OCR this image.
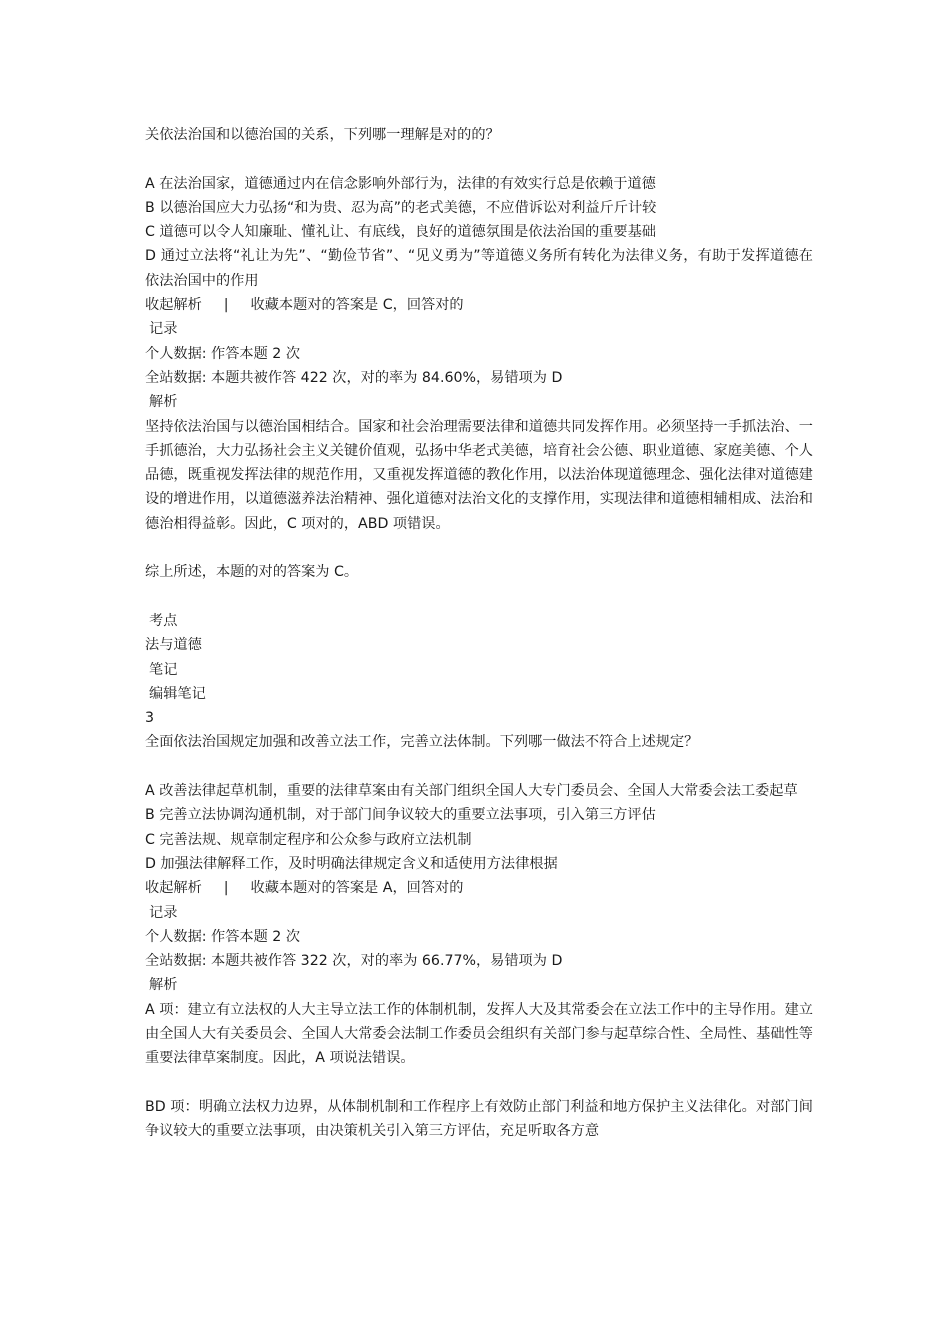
关依法治国和以德治国的关系，下列哪一理解是对的的？
A 在法治国家，道德通过内在信念影响外部行为，法律的有效实行总是依赖于道德
B 以德治国应大力弘扬“和为贵、忍为高”的老式美德，不应借诉讼对利益斤斤计较
C 道德可以令人知廉耻、懂礼让、有底线，良好的道德氛围是依法治国的重要基础
D 通过立法将“礼让为先”、“勤俭节省”、“见义勇为”等道德义务所有转化为法律义务，有助于发挥道德在依法治国中的作用
收起解析 | 收藏本题对的答案是 C，回答对的
记录
个人数据: 作答本题 2 次
全站数据: 本题共被作答 422 次，对的率为 84.60%，易错项为 D
解析
坚持依法治国与以德治国相结合。国家和社会治理需要法律和道德共同发挥作用。必须坚持一手抓法治、一手抓德治，大力弘扬社会主义关键价值观，弘扬中华老式美德，培育社会公德、职业道德、家庭美德、个人品德，既重视发挥法律的规范作用，又重视发挥道德的教化作用，以法治体现道德理念、强化法律对道德建设的增进作用，以道德滋养法治精神、强化道德对法治文化的支撑作用，实现法律和道德相辅相成、法治和德治相得益彰。因此，C 项对的，ABD 项错误。
综上所述，本题的对的答案为 C。
考点
法与道德
笔记
编辑笔记
3
全面依法治国规定加强和改善立法工作，完善立法体制。下列哪一做法不符合上述规定？
A 改善法律起草机制，重要的法律草案由有关部门组织全国人大专门委员会、全国人大常委会法工委起草
B 完善立法协调沟通机制，对于部门间争议较大的重要立法事项，引入第三方评估
C 完善法规、规章制定程序和公众参与政府立法机制
D 加强法律解释工作，及时明确法律规定含义和适使用方法律根据
收起解析 | 收藏本题对的答案是 A，回答对的
记录
个人数据: 作答本题 2 次
全站数据: 本题共被作答 322 次，对的率为 66.77%，易错项为 D
解析
A 项：建立有立法权的人大主导立法工作的体制机制，发挥人大及其常委会在立法工作中的主导作用。建立由全国人大有关委员会、全国人大常委会法制工作委员会组织有关部门参与起草综合性、全局性、基础性等重要法律草案制度。因此，A 项说法错误。
BD 项：明确立法权力边界，从体制机制和工作程序上有效防止部门利益和地方保护主义法律化。对部门间争议较大的重要立法事项，由决策机关引入第三方评估，充足听取各方意
